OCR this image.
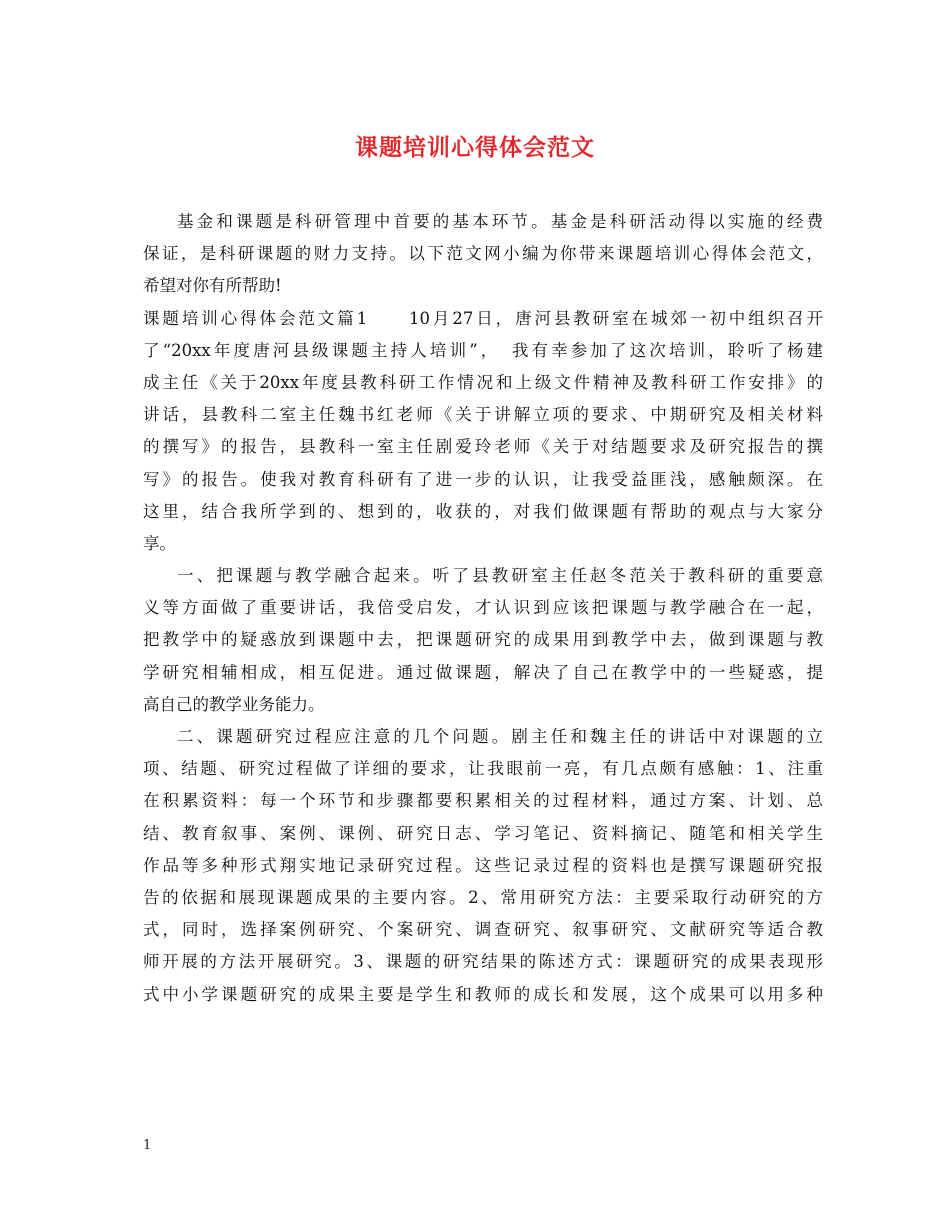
课题培训心得体会范文
基金和课题是科研管理中首要的基本环节。基金是科研活动得以实施的经费
保证，是科研课题的财力支持。以下范文网小编为你带来课题培训心得体会范文，
希望对你有所帮助!
课题培训心得体会范文篇1　　10月27日，唐河县教研室在城郊一初中组织召开
了“20xx年度唐河县级课题主持人培训”，　我有幸参加了这次培训，聆听了杨建
成主任《关于20xx年度县教科研工作情况和上级文件精神及教科研工作安排》的
讲话，县教科二室主任魏书红老师《关于讲解立项的要求、中期研究及相关材料
的撰写》的报告，县教科一室主任剧爱玲老师《关于对结题要求及研究报告的撰
写》的报告。使我对教育科研有了进一步的认识，让我受益匪浅，感触颇深。在
这里，结合我所学到的、想到的，收获的，对我们做课题有帮助的观点与大家分
享。
一、把课题与教学融合起来。听了县教研室主任赵冬范关于教科研的重要意
义等方面做了重要讲话，我倍受启发，才认识到应该把课题与教学融合在一起，
把教学中的疑惑放到课题中去，把课题研究的成果用到教学中去，做到课题与教
学研究相辅相成，相互促进。通过做课题，解决了自己在教学中的一些疑惑，提
高自己的教学业务能力。
二、课题研究过程应注意的几个问题。剧主任和魏主任的讲话中对课题的立
项、结题、研究过程做了详细的要求，让我眼前一亮，有几点颇有感触：1、注重
在积累资料：每一个环节和步骤都要积累相关的过程材料，通过方案、计划、总
结、教育叙事、案例、课例、研究日志、学习笔记、资料摘记、随笔和相关学生
作品等多种形式翔实地记录研究过程。这些记录过程的资料也是撰写课题研究报
告的依据和展现课题成果的主要内容。2、常用研究方法：主要采取行动研究的方
式，同时，选择案例研究、个案研究、调查研究、叙事研究、文献研究等适合教
师开展的方法开展研究。3、课题的研究结果的陈述方式：课题研究的成果表现形
式中小学课题研究的成果主要是学生和教师的成长和发展，这个成果可以用多种
1
